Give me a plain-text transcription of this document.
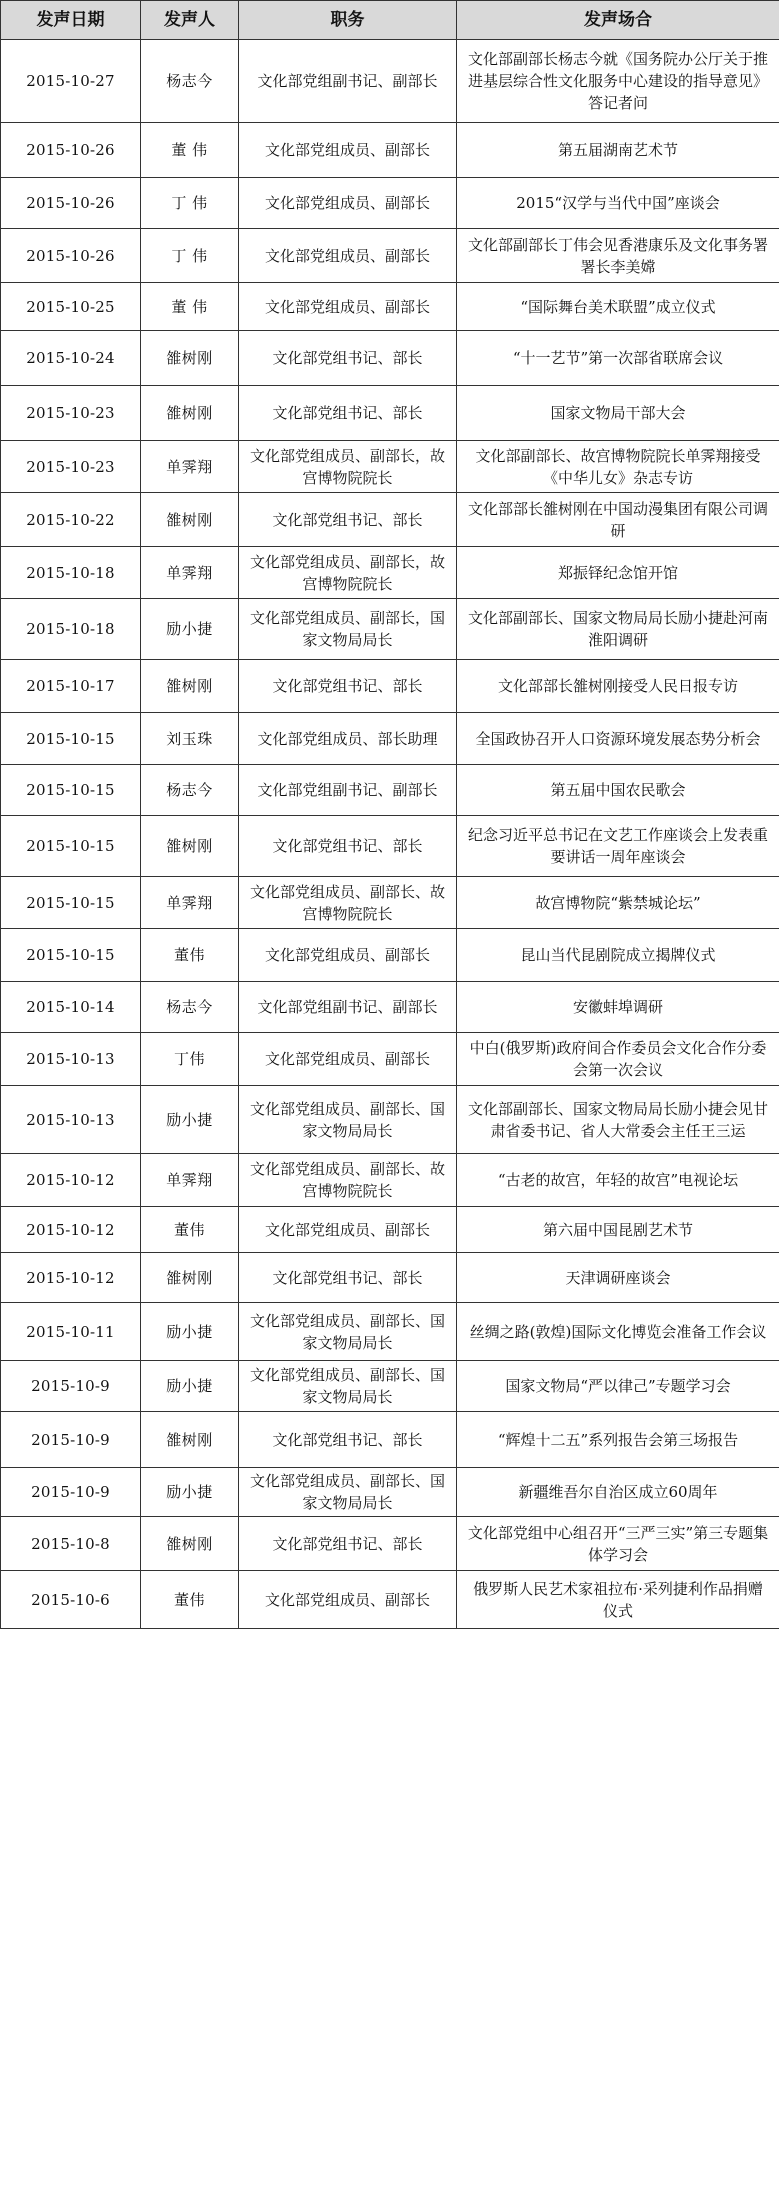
发声日期	发声人	职务	发声场合
2015-10-27	杨志今	文化部党组副书记、副部长	文化部副部长杨志今就《国务院办公厅关于推进基层综合性文化服务中心建设的指导意见》答记者问
2015-10-26	董 伟	文化部党组成员、副部长	第五届湖南艺术节
2015-10-26	丁 伟	文化部党组成员、副部长	2015“汉学与当代中国”座谈会
2015-10-26	丁 伟	文化部党组成员、副部长	文化部副部长丁伟会见香港康乐及文化事务署署长李美嫦
2015-10-25	董 伟	文化部党组成员、副部长	“国际舞台美术联盟”成立仪式
2015-10-24	雒树刚	文化部党组书记、部长	“十一艺节”第一次部省联席会议
2015-10-23	雒树刚	文化部党组书记、部长	国家文物局干部大会
2015-10-23	单霁翔	文化部党组成员、副部长，故宫博物院院长	文化部副部长、故宫博物院院长单霁翔接受《中华儿女》杂志专访
2015-10-22	雒树刚	文化部党组书记、部长	文化部部长雒树刚在中国动漫集团有限公司调研
2015-10-18	单霁翔	文化部党组成员、副部长，故宫博物院院长	郑振铎纪念馆开馆
2015-10-18	励小捷	文化部党组成员、副部长，国家文物局局长	文化部副部长、国家文物局局长励小捷赴河南淮阳调研
2015-10-17	雒树刚	文化部党组书记、部长	文化部部长雒树刚接受人民日报专访
2015-10-15	刘玉珠	文化部党组成员、部长助理	全国政协召开人口资源环境发展态势分析会
2015-10-15	杨志今	文化部党组副书记、副部长	第五届中国农民歌会
2015-10-15	雒树刚	文化部党组书记、部长	纪念习近平总书记在文艺工作座谈会上发表重要讲话一周年座谈会
2015-10-15	单霁翔	文化部党组成员、副部长、故宫博物院院长	故宫博物院“紫禁城论坛”
2015-10-15	董伟	文化部党组成员、副部长	昆山当代昆剧院成立揭牌仪式
2015-10-14	杨志今	文化部党组副书记、副部长	安徽蚌埠调研
2015-10-13	丁伟	文化部党组成员、副部长	中白(俄罗斯)政府间合作委员会文化合作分委会第一次会议
2015-10-13	励小捷	文化部党组成员、副部长、国家文物局局长	文化部副部长、国家文物局局长励小捷会见甘肃省委书记、省人大常委会主任王三运
2015-10-12	单霁翔	文化部党组成员、副部长、故宫博物院院长	“古老的故宫，年轻的故宫”电视论坛
2015-10-12	董伟	文化部党组成员、副部长	第六届中国昆剧艺术节
2015-10-12	雒树刚	文化部党组书记、部长	天津调研座谈会
2015-10-11	励小捷	文化部党组成员、副部长、国家文物局局长	丝绸之路(敦煌)国际文化博览会准备工作会议
2015-10-9	励小捷	文化部党组成员、副部长、国家文物局局长	国家文物局“严以律己”专题学习会
2015-10-9	雒树刚	文化部党组书记、部长	“辉煌十二五”系列报告会第三场报告
2015-10-9	励小捷	文化部党组成员、副部长、国家文物局局长	新疆维吾尔自治区成立60周年
2015-10-8	雒树刚	文化部党组书记、部长	文化部党组中心组召开“三严三实”第三专题集体学习会
2015-10-6	董伟	文化部党组成员、副部长	俄罗斯人民艺术家祖拉布·采列捷利作品捐赠仪式
